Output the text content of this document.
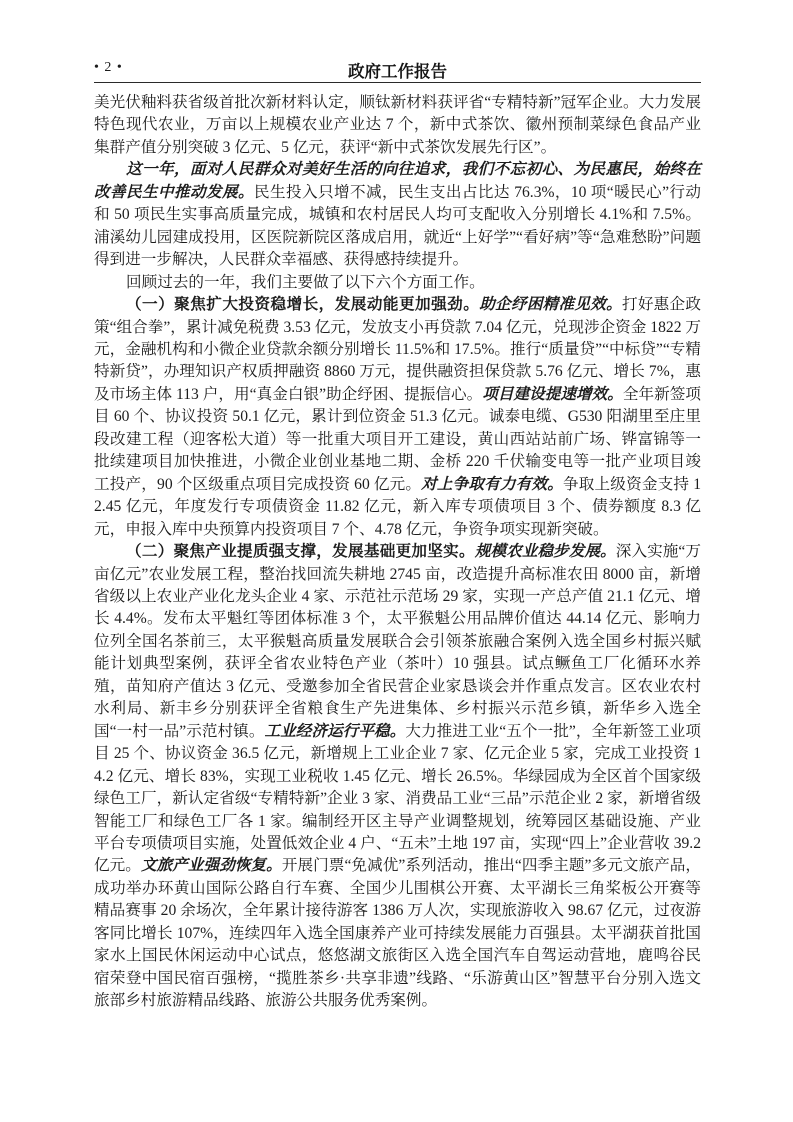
• 2 •	政府工作报告

美光伏釉料获省级首批次新材料认定，顺钛新材料获评省“专精特新”冠军企业。大力发展特色现代农业，万亩以上规模农业产业达 7 个，新中式茶饮、徽州预制菜绿色食品产业集群产值分别突破 3 亿元、5 亿元，获评“新中式茶饮发展先行区”。

这一年，面对人民群众对美好生活的向往追求，我们不忘初心、为民惠民，始终在改善民生中推动发展。民生投入只增不减，民生支出占比达 76.3%，10 项“暖民心”行动和 50 项民生实事高质量完成，城镇和农村居民人均可支配收入分别增长 4.1%和 7.5%。浦溪幼儿园建成投用，区医院新院区落成启用，就近“上好学”“看好病”等“急难愁盼”问题得到进一步解决，人民群众幸福感、获得感持续提升。

回顾过去的一年，我们主要做了以下六个方面工作。

（一）聚焦扩大投资稳增长，发展动能更加强劲。助企纾困精准见效。打好惠企政策“组合拳”，累计减免税费 3.53 亿元，发放支小再贷款 7.04 亿元，兑现涉企资金 1822 万元，金融机构和小微企业贷款余额分别增长 11.5%和 17.5%。推行“质量贷”“中标贷”“专精特新贷”，办理知识产权质押融资 8860 万元，提供融资担保贷款 5.76 亿元、增长 7%，惠及市场主体 113 户，用“真金白银”助企纾困、提振信心。项目建设提速增效。全年新签项目 60 个、协议投资 50.1 亿元，累计到位资金 51.3 亿元。诚泰电缆、G530 阳湖里至庄里段改建工程（迎客松大道）等一批重大项目开工建设，黄山西站站前广场、铧富锦等一批续建项目加快推进，小微企业创业基地二期、金桥 220 千伏输变电等一批产业项目竣工投产，90 个区级重点项目完成投资 60 亿元。对上争取有力有效。争取上级资金支持 12.45 亿元，年度发行专项债资金 11.82 亿元，新入库专项债项目 3 个、债券额度 8.3 亿元，申报入库中央预算内投资项目 7 个、4.78 亿元，争资争项实现新突破。

（二）聚焦产业提质强支撑，发展基础更加坚实。规模农业稳步发展。深入实施“万亩亿元”农业发展工程，整治找回流失耕地 2745 亩，改造提升高标准农田 8000 亩，新增省级以上农业产业化龙头企业 4 家、示范社示范场 29 家，实现一产总产值 21.1 亿元、增长 4.4%。发布太平魁红等团体标准 3 个，太平猴魁公用品牌价值达 44.14 亿元、影响力位列全国名茶前三，太平猴魁高质量发展联合会引领茶旅融合案例入选全国乡村振兴赋能计划典型案例，获评全省农业特色产业（茶叶）10 强县。试点鳜鱼工厂化循环水养殖，苗知府产值达 3 亿元、受邀参加全省民营企业家恳谈会并作重点发言。区农业农村水利局、新丰乡分别获评全省粮食生产先进集体、乡村振兴示范乡镇，新华乡入选全国“一村一品”示范村镇。工业经济运行平稳。大力推进工业“五个一批”，全年新签工业项目 25 个、协议资金 36.5 亿元，新增规上工业企业 7 家、亿元企业 5 家，完成工业投资 14.2 亿元、增长 83%，实现工业税收 1.45 亿元、增长 26.5%。华绿园成为全区首个国家级绿色工厂，新认定省级“专精特新”企业 3 家、消费品工业“三品”示范企业 2 家，新增省级智能工厂和绿色工厂各 1 家。编制经开区主导产业调整规划，统筹园区基础设施、产业平台专项债项目实施，处置低效企业 4 户、“五未”土地 197 亩，实现“四上”企业营收 39.2 亿元。文旅产业强劲恢复。开展门票“免减优”系列活动，推出“四季主题”多元文旅产品，成功举办环黄山国际公路自行车赛、全国少儿围棋公开赛、太平湖长三角桨板公开赛等精品赛事 20 余场次，全年累计接待游客 1386 万人次，实现旅游收入 98.67 亿元，过夜游客同比增长 107%，连续四年入选全国康养产业可持续发展能力百强县。太平湖获首批国家水上国民休闲运动中心试点，悠悠湖文旅街区入选全国汽车自驾运动营地，鹿鸣谷民宿荣登中国民宿百强榜，“揽胜茶乡·共享非遗”线路、“乐游黄山区”智慧平台分别入选文旅部乡村旅游精品线路、旅游公共服务优秀案例。
